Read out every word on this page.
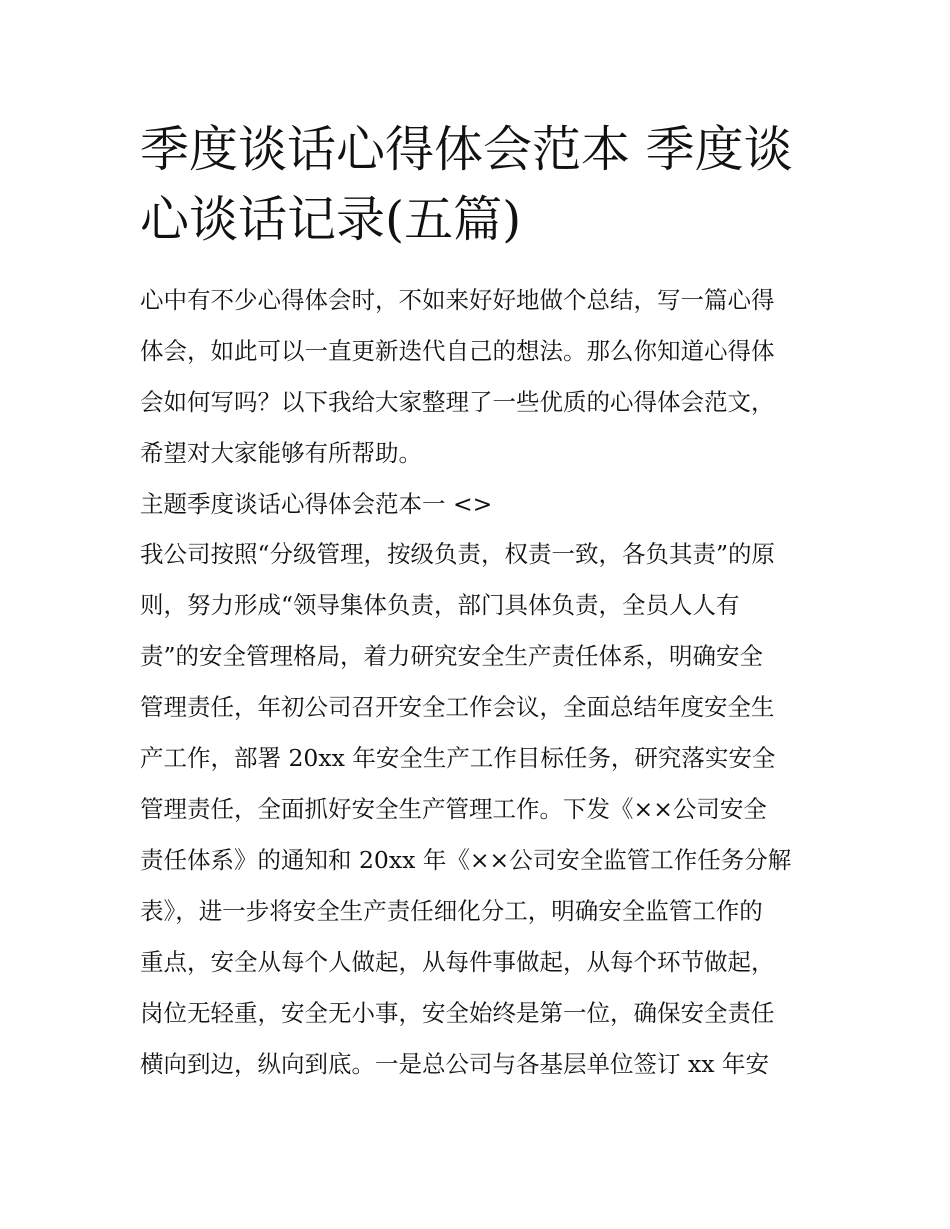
季度谈话心得体会范本 季度谈
心谈话记录(五篇)

心中有不少心得体会时，不如来好好地做个总结，写一篇心得

体会，如此可以一直更新迭代自己的想法。那么你知道心得体

会如何写吗？以下我给大家整理了一些优质的心得体会范文，

希望对大家能够有所帮助。

主题季度谈话心得体会范本一 <>

我公司按照“分级管理，按级负责，权责一致，各负其责”的原

则，努力形成“领导集体负责，部门具体负责，全员人人有

责”的安全管理格局，着力研究安全生产责任体系，明确安全

管理责任，年初公司召开安全工作会议，全面总结年度安全生

产工作，部署 20xx 年安全生产工作目标任务，研究落实安全

管理责任，全面抓好安全生产管理工作。下发《××公司安全

责任体系》的通知和 20xx 年《××公司安全监管工作任务分解

表》，进一步将安全生产责任细化分工，明确安全监管工作的

重点，安全从每个人做起，从每件事做起，从每个环节做起，

岗位无轻重，安全无小事，安全始终是第一位，确保安全责任

横向到边，纵向到底。一是总公司与各基层单位签订 xx 年安
